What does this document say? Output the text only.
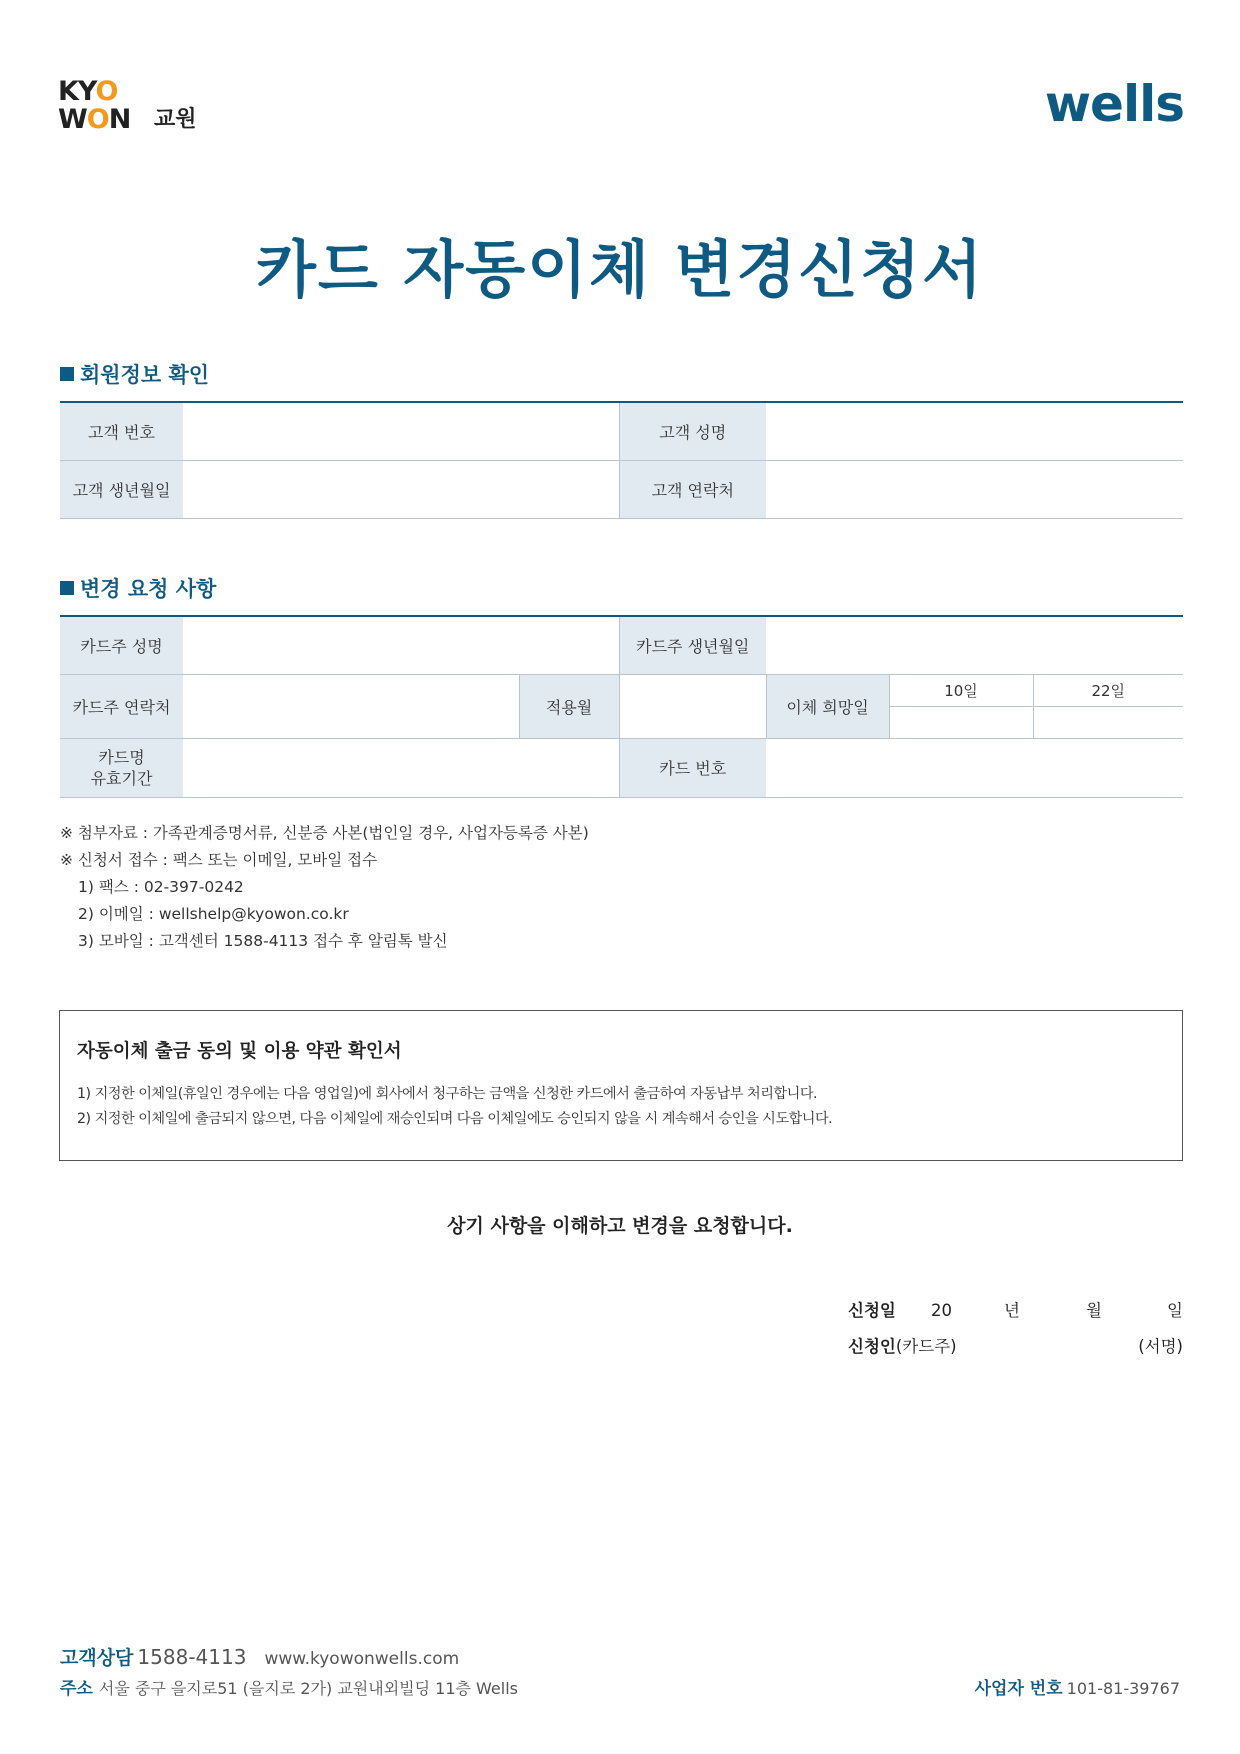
KYO
WON 교원	wells
카드 자동이체 변경신청서
회원정보 확인
고객 번호		고객 성명	
고객 생년월일		고객 연락처	
변경 요청 사항
카드주 성명			카드주 생년월일			
카드주 연락처		적용월		이체 희망일	10일	22일

카드명
유효기간			카드 번호			
※ 첨부자료 : 가족관계증명서류, 신분증 사본(법인일 경우, 사업자등록증 사본)
※ 신청서 접수 : 팩스 또는 이메일, 모바일 접수
1) 팩스 : 02-397-0242
2) 이메일 : wellshelp@kyowon.co.kr
3) 모바일 : 고객센터 1588-4113 접수 후 알림톡 발신
자동이체 출금 동의 및 이용 약관 확인서
1) 지정한 이체일(휴일인 경우에는 다음 영업일)에 회사에서 청구하는 금액을 신청한 카드에서 출금하여 자동납부 처리합니다.
2) 지정한 이체일에 출금되지 않으면, 다음 이체일에 재승인되며 다음 이체일에도 승인되지 않을 시 계속해서 승인을 시도합니다.
상기 사항을 이해하고 변경을 요청합니다.
신청일 20	년	월	일
신청인(카드주)	(서명)
고객상담 1588-4113 www.kyowonwells.com
주소 서울 중구 을지로51 (을지로 2가) 교원내외빌딩 11층 Wells	사업자 번호 101-81-39767
